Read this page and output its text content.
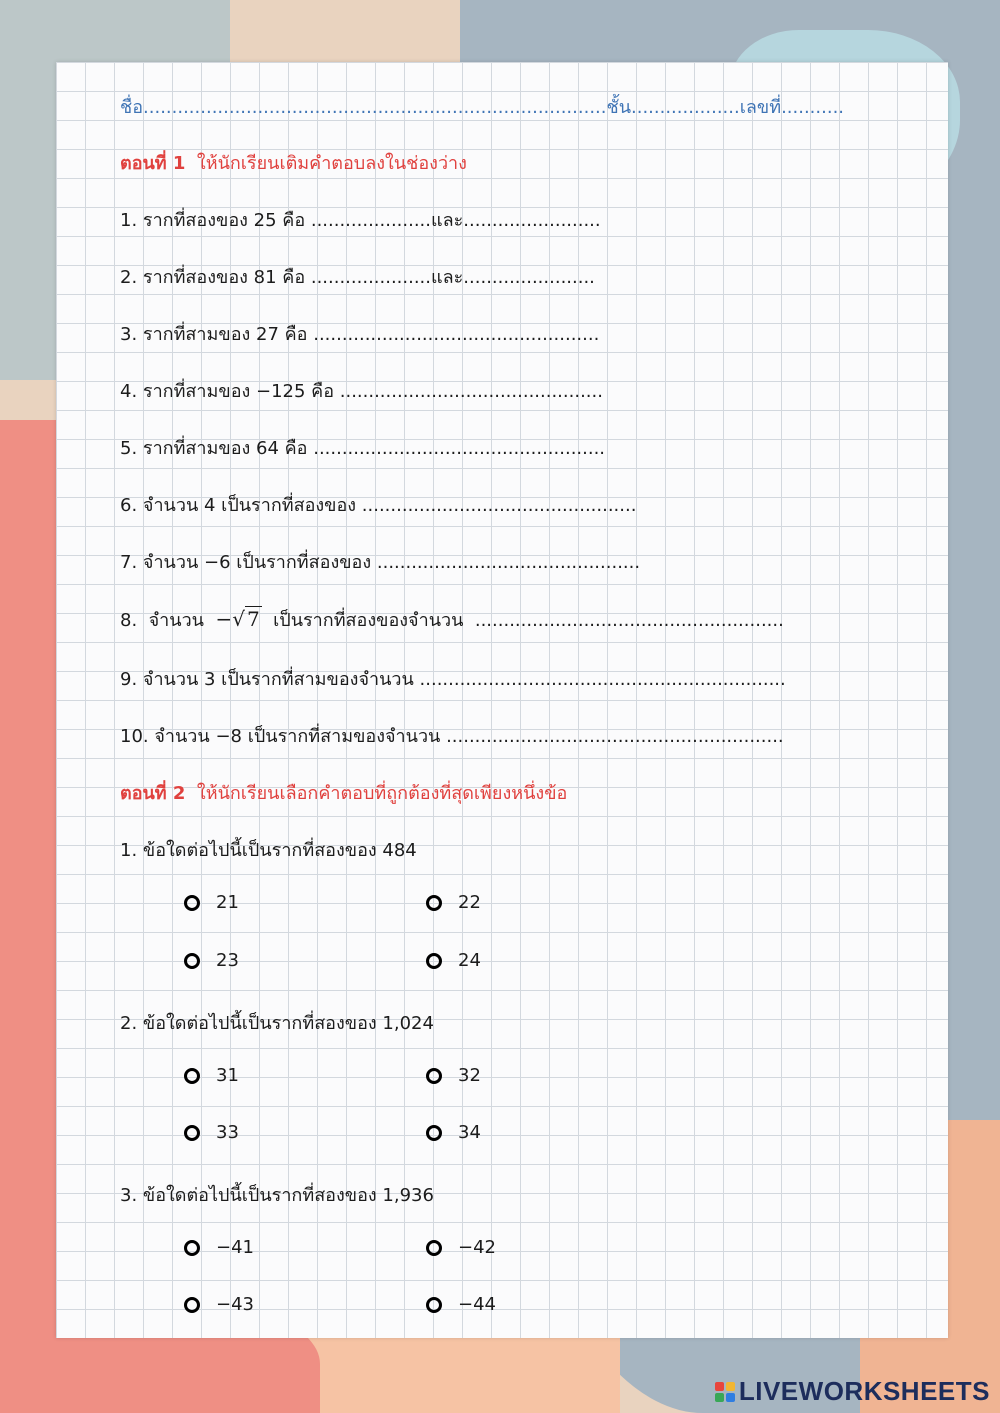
ชื่อ.................................................................................ชั้น...................เลขที่...........
ตอนที่ 1  ให้นักเรียนเติมคำตอบลงในช่องว่าง
1. รากที่สองของ 25 คือ .....................และ........................
2. รากที่สองของ 81 คือ .....................และ.......................
3. รากที่สามของ 27 คือ ..................................................
4. รากที่สามของ −125 คือ ..............................................
5. รากที่สามของ 64 คือ ...................................................
6. จำนวน 4 เป็นรากที่สองของ ................................................
7. จำนวน −6 เป็นรากที่สองของ ..............................................
8.  จำนวน  −√ 7  เป็นรากที่สองของจำนวน  ......................................................
9. จำนวน 3 เป็นรากที่สามของจำนวน ................................................................
10. จำนวน −8 เป็นรากที่สามของจำนวน ...........................................................
ตอนที่ 2  ให้นักเรียนเลือกคำตอบที่ถูกต้องที่สุดเพียงหนึ่งข้อ
1. ข้อใดต่อไปนี้เป็นรากที่สองของ 484
21	22
23	24
2. ข้อใดต่อไปนี้เป็นรากที่สองของ 1,024
31	32
33	34
3. ข้อใดต่อไปนี้เป็นรากที่สองของ 1,936
−41	−42
−43	−44
LIVEWORKSHEETS
